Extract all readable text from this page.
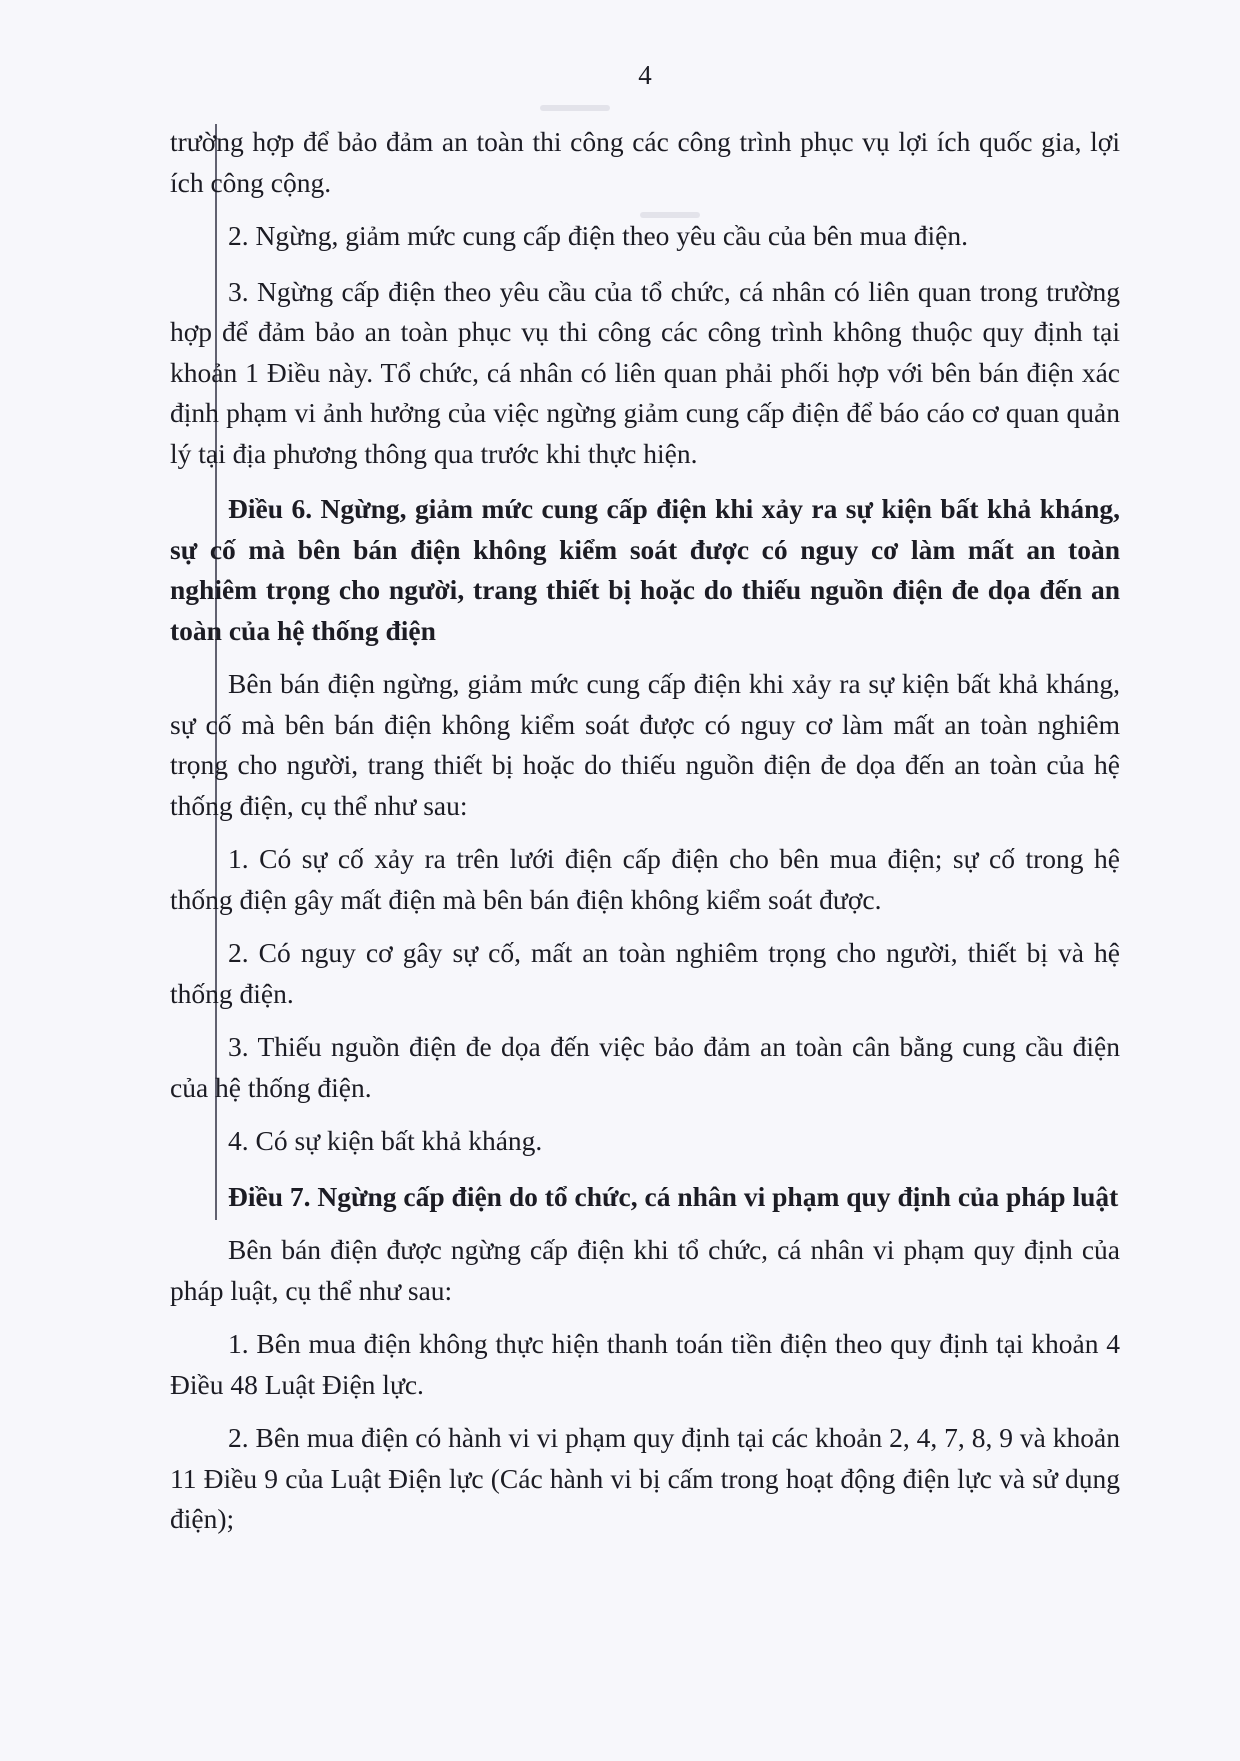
4

trường hợp để bảo đảm an toàn thi công các công trình phục vụ lợi ích quốc gia, lợi ích công cộng.

2. Ngừng, giảm mức cung cấp điện theo yêu cầu của bên mua điện.

3. Ngừng cấp điện theo yêu cầu của tổ chức, cá nhân có liên quan trong trường hợp để đảm bảo an toàn phục vụ thi công các công trình không thuộc quy định tại khoản 1 Điều này. Tổ chức, cá nhân có liên quan phải phối hợp với bên bán điện xác định phạm vi ảnh hưởng của việc ngừng giảm cung cấp điện để báo cáo cơ quan quản lý tại địa phương thông qua trước khi thực hiện.

Điều 6. Ngừng, giảm mức cung cấp điện khi xảy ra sự kiện bất khả kháng, sự cố mà bên bán điện không kiểm soát được có nguy cơ làm mất an toàn nghiêm trọng cho người, trang thiết bị hoặc do thiếu nguồn điện đe dọa đến an toàn của hệ thống điện

Bên bán điện ngừng, giảm mức cung cấp điện khi xảy ra sự kiện bất khả kháng, sự cố mà bên bán điện không kiểm soát được có nguy cơ làm mất an toàn nghiêm trọng cho người, trang thiết bị hoặc do thiếu nguồn điện đe dọa đến an toàn của hệ thống điện, cụ thể như sau:

1. Có sự cố xảy ra trên lưới điện cấp điện cho bên mua điện; sự cố trong hệ thống điện gây mất điện mà bên bán điện không kiểm soát được.

2. Có nguy cơ gây sự cố, mất an toàn nghiêm trọng cho người, thiết bị và hệ thống điện.

3. Thiếu nguồn điện đe dọa đến việc bảo đảm an toàn cân bằng cung cầu điện của hệ thống điện.

4. Có sự kiện bất khả kháng.

Điều 7. Ngừng cấp điện do tổ chức, cá nhân vi phạm quy định của pháp luật

Bên bán điện được ngừng cấp điện khi tổ chức, cá nhân vi phạm quy định của pháp luật, cụ thể như sau:

1. Bên mua điện không thực hiện thanh toán tiền điện theo quy định tại khoản 4 Điều 48 Luật Điện lực.

2. Bên mua điện có hành vi vi phạm quy định tại các khoản 2, 4, 7, 8, 9 và khoản 11 Điều 9 của Luật Điện lực (Các hành vi bị cấm trong hoạt động điện lực và sử dụng điện);
